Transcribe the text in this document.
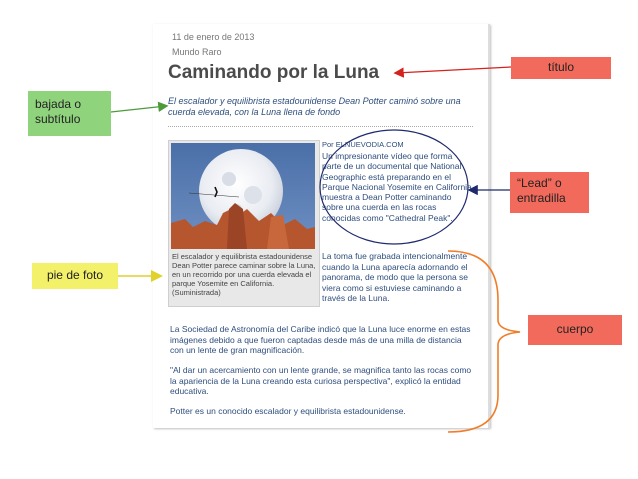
11 de enero de 2013
Mundo Raro
Caminando por la Luna
El escalador y equilibrista estadounidense Dean Potter caminó sobre una cuerda elevada, con la Luna llena de fondo
El escalador y equilibrista estadounidense Dean Potter parece caminar sobre la Luna, en un recorrido por una cuerda elevada el parque Yosemite en California. (Suministrada)
Por ELNUEVODIA.COM
Un impresionante vídeo que forma parte de un documental que National Geographic está preparando en el Parque Nacional Yosemite en California muestra a Dean Potter caminando sobre una cuerda en las rocas conocidas como "Cathedral Peak".
La toma fue grabada intencionalmente cuando la Luna aparecía adornando el panorama, de modo que la persona se viera como si estuviese caminando a través de la Luna.
La Sociedad de Astronomía del Caribe indicó que la Luna luce enorme en estas imágenes debido a que fueron captadas desde más de una milla de distancia con un lente de gran magnificación.
"Al dar un acercamiento con un lente grande, se magnifica tanto las rocas como la apariencia de la Luna creando esta curiosa perspectiva", explicó la entidad educativa.
Potter es un conocido escalador y equilibrista estadounidense.
título
bajada o subtítulo
“Lead” o entradilla
pie de foto
cuerpo
